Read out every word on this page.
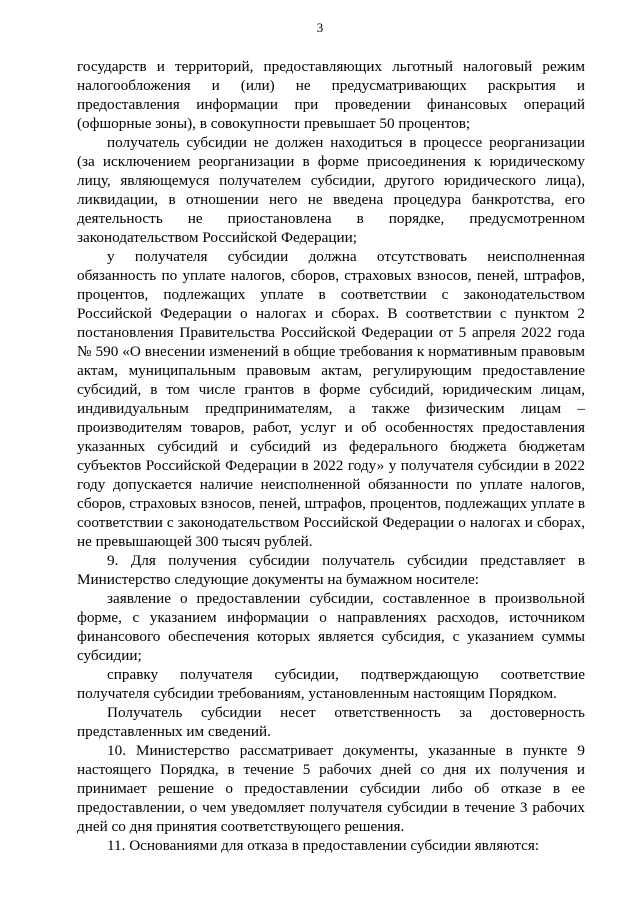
3

государств и территорий, предоставляющих льготный налоговый режим налогообложения и (или) не предусматривающих раскрытия и предоставления информации при проведении финансовых операций (офшорные зоны), в совокупности превышает 50 процентов;

получатель субсидии не должен находиться в процессе реорганизации (за исключением реорганизации в форме присоединения к юридическому лицу, являющемуся получателем субсидии, другого юридического лица), ликвидации, в отношении него не введена процедура банкротства, его деятельность не приостановлена в порядке, предусмотренном законодательством Российской Федерации;

у получателя субсидии должна отсутствовать неисполненная обязанность по уплате налогов, сборов, страховых взносов, пеней, штрафов, процентов, подлежащих уплате в соответствии с законодательством Российской Федерации о налогах и сборах. В соответствии с пунктом 2 постановления Правительства Российской Федерации от 5 апреля 2022 года № 590 «О внесении изменений в общие требования к нормативным правовым актам, муниципальным правовым актам, регулирующим предоставление субсидий, в том числе грантов в форме субсидий, юридическим лицам, индивидуальным предпринимателям, а также физическим лицам – производителям товаров, работ, услуг и об особенностях предоставления указанных субсидий и субсидий из федерального бюджета бюджетам субъектов Российской Федерации в 2022 году» у получателя субсидии в 2022 году допускается наличие неисполненной обязанности по уплате налогов, сборов, страховых взносов, пеней, штрафов, процентов, подлежащих уплате в соответствии с законодательством Российской Федерации о налогах и сборах, не превышающей 300 тысяч рублей.

9. Для получения субсидии получатель субсидии представляет в Министерство следующие документы на бумажном носителе:

заявление о предоставлении субсидии, составленное в произвольной форме, с указанием информации о направлениях расходов, источником финансового обеспечения которых является субсидия, с указанием суммы субсидии;

справку получателя субсидии, подтверждающую соответствие получателя субсидии требованиям, установленным настоящим Порядком.

Получатель субсидии несет ответственность за достоверность представленных им сведений.

10. Министерство рассматривает документы, указанные в пункте 9 настоящего Порядка, в течение 5 рабочих дней со дня их получения и принимает решение о предоставлении субсидии либо об отказе в ее предоставлении, о чем уведомляет получателя субсидии в течение 3 рабочих дней со дня принятия соответствующего решения.

11. Основаниями для отказа в предоставлении субсидии являются:
